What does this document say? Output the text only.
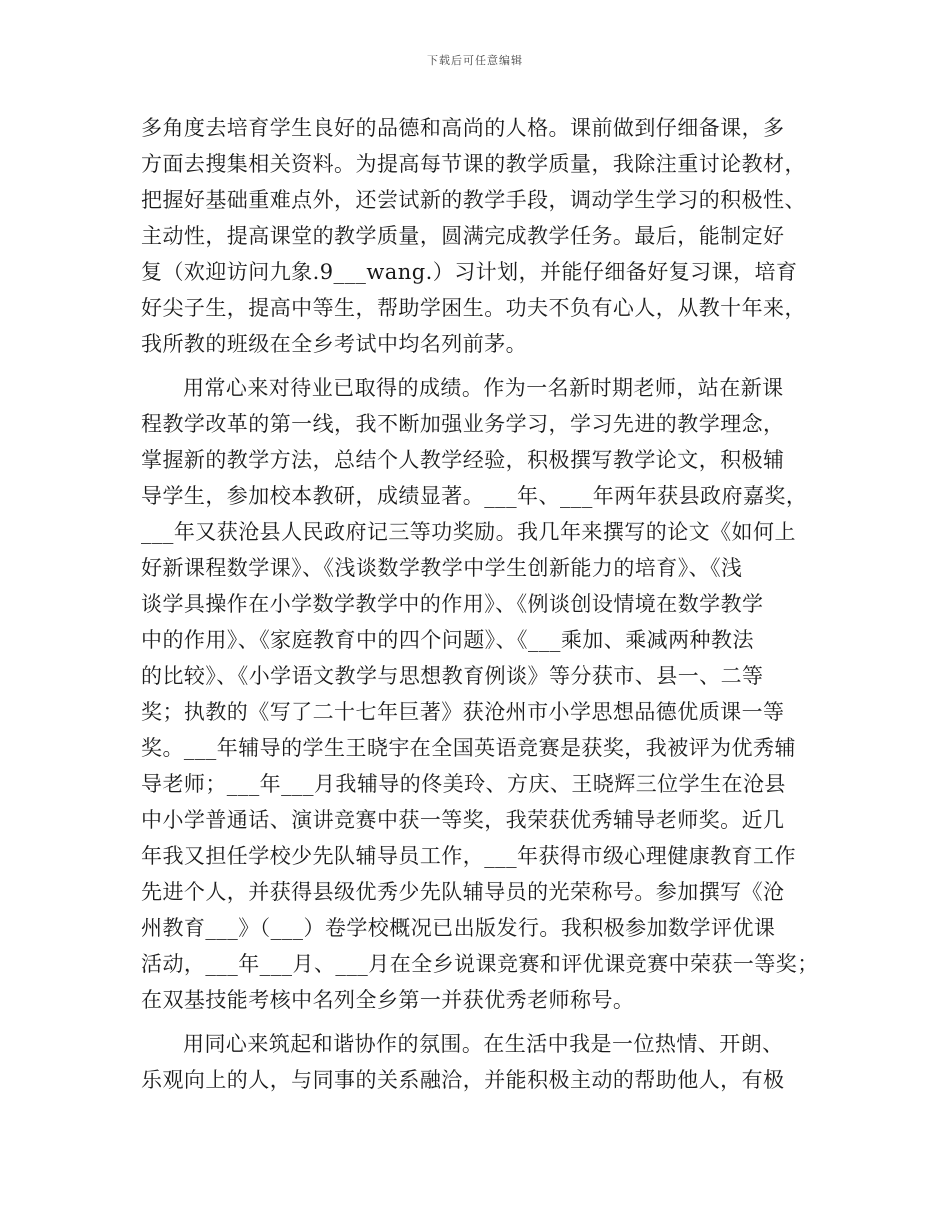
下载后可任意编辑
多角度去培育学生良好的品德和高尚的人格。课前做到仔细备课，多
方面去搜集相关资料。为提高每节课的教学质量，我除注重讨论教材，
把握好基础重难点外，还尝试新的教学手段，调动学生学习的积极性、
主动性，提高课堂的教学质量，圆满完成教学任务。最后，能制定好
复（欢迎访问九象.9___wang.）习计划，并能仔细备好复习课，培育
好尖子生，提高中等生，帮助学困生。功夫不负有心人，从教十年来，
我所教的班级在全乡考试中均名列前茅。
用常心来对待业已取得的成绩。作为一名新时期老师，站在新课
程教学改革的第一线，我不断加强业务学习，学习先进的教学理念，
掌握新的教学方法，总结个人教学经验，积极撰写教学论文，积极辅
导学生，参加校本教研，成绩显著。___年、___年两年获县政府嘉奖，
___年又获沧县人民政府记三等功奖励。我几年来撰写的论文《如何上
好新课程数学课》、《浅谈数学教学中学生创新能力的培育》、《浅
谈学具操作在小学数学教学中的作用》、《例谈创设情境在数学教学
中的作用》、《家庭教育中的四个问题》、《___乘加、乘减两种教法
的比较》、《小学语文教学与思想教育例谈》等分获市、县一、二等
奖；执教的《写了二十七年巨著》获沧州市小学思想品德优质课一等
奖。___年辅导的学生王晓宇在全国英语竞赛是获奖，我被评为优秀辅
导老师；___年___月我辅导的佟美玲、方庆、王晓辉三位学生在沧县
中小学普通话、演讲竞赛中获一等奖，我荣获优秀辅导老师奖。近几
年我又担任学校少先队辅导员工作，___年获得市级心理健康教育工作
先进个人，并获得县级优秀少先队辅导员的光荣称号。参加撰写《沧
州教育___》（___）卷学校概况已出版发行。我积极参加数学评优课
活动，___年___月、___月在全乡说课竞赛和评优课竞赛中荣获一等奖；
在双基技能考核中名列全乡第一并获优秀老师称号。
用同心来筑起和谐协作的氛围。在生活中我是一位热情、开朗、
乐观向上的人，与同事的关系融洽，并能积极主动的帮助他人，有极
